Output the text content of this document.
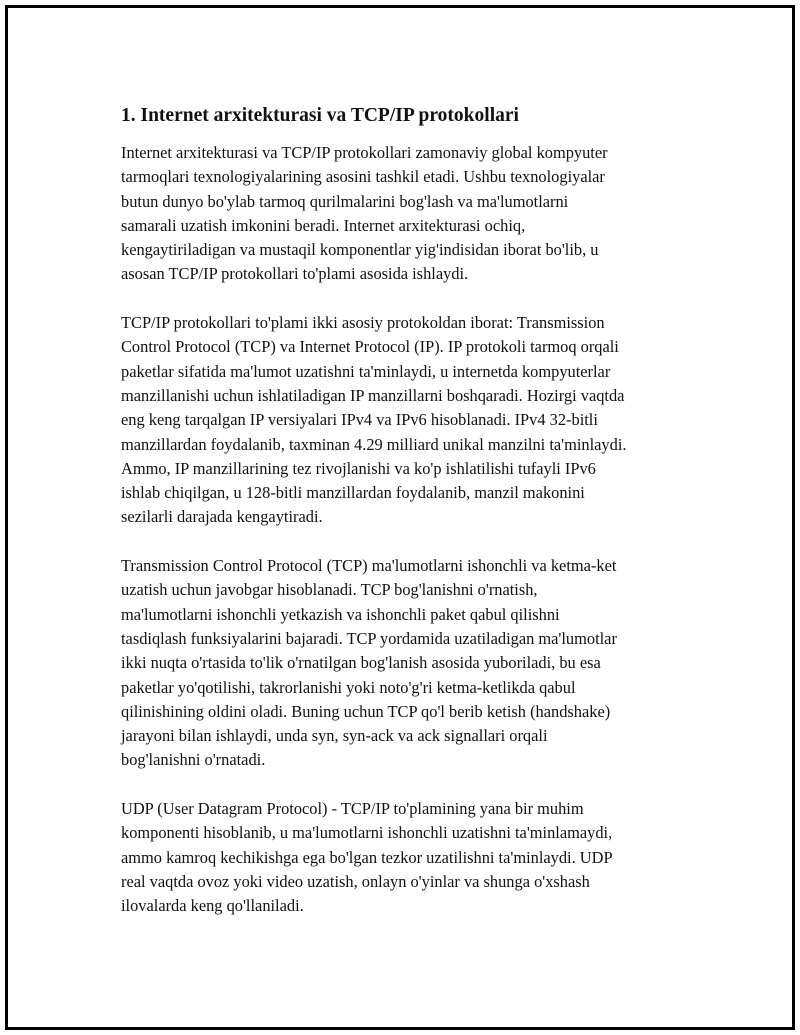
1. Internet arxitekturasi va TCP/IP protokollari

Internet arxitekturasi va TCP/IP protokollari zamonaviy global kompyuter
tarmoqlari texnologiyalarining asosini tashkil etadi. Ushbu texnologiyalar
butun dunyo bo'ylab tarmoq qurilmalarini bog'lash va ma'lumotlarni
samarali uzatish imkonini beradi. Internet arxitekturasi ochiq,
kengaytiriladigan va mustaqil komponentlar yig'indisidan iborat bo'lib, u
asosan TCP/IP protokollari to'plami asosida ishlaydi.

TCP/IP protokollari to'plami ikki asosiy protokoldan iborat: Transmission
Control Protocol (TCP) va Internet Protocol (IP). IP protokoli tarmoq orqali
paketlar sifatida ma'lumot uzatishni ta'minlaydi, u internetda kompyuterlar
manzillanishi uchun ishlatiladigan IP manzillarni boshqaradi. Hozirgi vaqtda
eng keng tarqalgan IP versiyalari IPv4 va IPv6 hisoblanadi. IPv4 32-bitli
manzillardan foydalanib, taxminan 4.29 milliard unikal manzilni ta'minlaydi.
Ammo, IP manzillarining tez rivojlanishi va ko'p ishlatilishi tufayli IPv6
ishlab chiqilgan, u 128-bitli manzillardan foydalanib, manzil makonini
sezilarli darajada kengaytiradi.

Transmission Control Protocol (TCP) ma'lumotlarni ishonchli va ketma-ket
uzatish uchun javobgar hisoblanadi. TCP bog'lanishni o'rnatish,
ma'lumotlarni ishonchli yetkazish va ishonchli paket qabul qilishni
tasdiqlash funksiyalarini bajaradi. TCP yordamida uzatiladigan ma'lumotlar
ikki nuqta o'rtasida to'lik o'rnatilgan bog'lanish asosida yuboriladi, bu esa
paketlar yo'qotilishi, takrorlanishi yoki noto'g'ri ketma-ketlikda qabul
qilinishining oldini oladi. Buning uchun TCP qo'l berib ketish (handshake)
jarayoni bilan ishlaydi, unda syn, syn-ack va ack signallari orqali
bog'lanishni o'rnatadi.

UDP (User Datagram Protocol) - TCP/IP to'plamining yana bir muhim
komponenti hisoblanib, u ma'lumotlarni ishonchli uzatishni ta'minlamaydi,
ammo kamroq kechikishga ega bo'lgan tezkor uzatilishni ta'minlaydi. UDP
real vaqtda ovoz yoki video uzatish, onlayn o'yinlar va shunga o'xshash
ilovalarda keng qo'llaniladi.
